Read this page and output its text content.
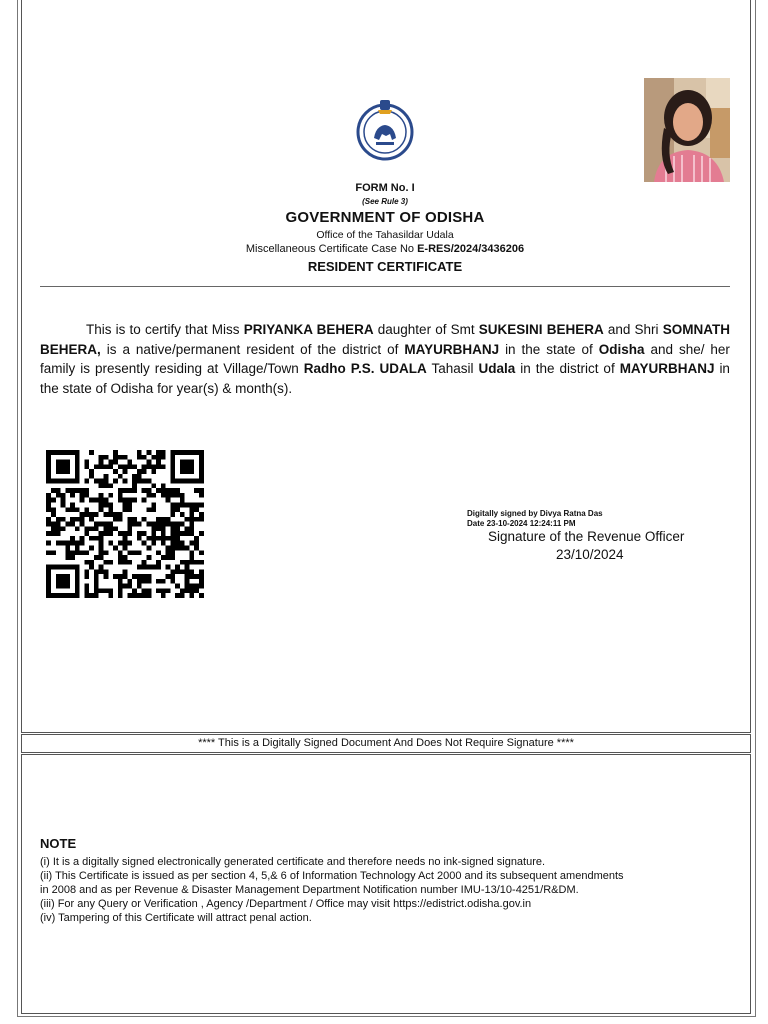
FORM No. I
(See Rule 3)
GOVERNMENT OF ODISHA
Office of the Tahasildar Udala
Miscellaneous Certificate Case No E-RES/2024/3436206
RESIDENT CERTIFICATE
This is to certify that Miss PRIYANKA BEHERA daughter of Smt SUKESINI BEHERA and Shri SOMNATH BEHERA, is a native/permanent resident of the district of MAYURBHANJ in the state of Odisha and she/ her family is presently residing at Village/Town Radho P.S. UDALA Tahasil Udala in the district of MAYURBHANJ in the state of Odisha for year(s) & month(s).
Digitally signed by Divya Ratna Das
Date 23-10-2024 12:24:11 PM
Signature of the Revenue Officer
23/10/2024
**** This is a Digitally Signed Document And Does Not Require Signature ****
NOTE
(i) It is a digitally signed electronically generated certificate and therefore needs no ink-signed signature.
(ii) This Certificate is issued as per section 4, 5,& 6 of Information Technology Act 2000 and its subsequent amendments
in 2008 and as per Revenue & Disaster Management Department Notification number IMU-13/10-4251/R&DM.
(iii) For any Query or Verification , Agency /Department / Office may visit https://edistrict.odisha.gov.in
(iv) Tampering of this Certificate will attract penal action.
